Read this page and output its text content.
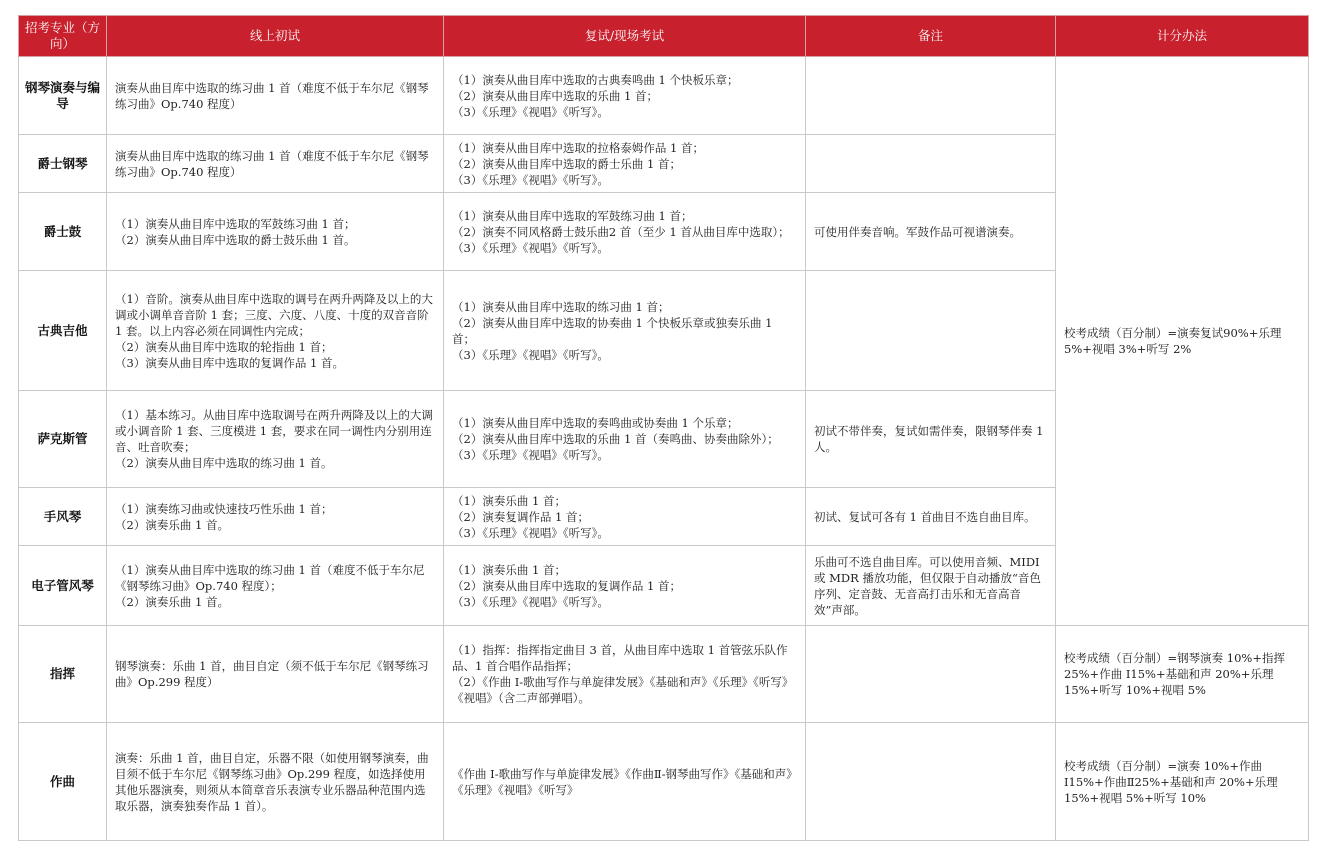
招考专业（方向）	线上初试	复试/现场考试	备注	计分办法
钢琴演奏与编导	演奏从曲目库中选取的练习曲 1 首（难度不低于车尔尼《钢琴练习曲》Op.740 程度）	（1）演奏从曲目库中选取的古典奏鸣曲 1 个快板乐章；
（2）演奏从曲目库中选取的乐曲 1 首；
（3）《乐理》《视唱》《听写》。		校考成绩（百分制）=演奏复试90%+乐理 5%+视唱 3%+听写 2%
爵士钢琴	演奏从曲目库中选取的练习曲 1 首（难度不低于车尔尼《钢琴练习曲》Op.740 程度）	（1）演奏从曲目库中选取的拉格泰姆作品 1 首；
（2）演奏从曲目库中选取的爵士乐曲 1 首；
（3）《乐理》《视唱》《听写》。		

爵士鼓	（1）演奏从曲目库中选取的军鼓练习曲 1 首；
（2）演奏从曲目库中选取的爵士鼓乐曲 1 首。	（1）演奏从曲目库中选取的军鼓练习曲 1 首；
（2）演奏不同风格爵士鼓乐曲2 首（至少 1 首从曲目库中选取）；
（3）《乐理》《视唱》《听写》。	可使用伴奏音响。军鼓作品可视谱演奏。	
古典吉他	（1）音阶。演奏从曲目库中选取的调号在两升两降及以上的大调或小调单音音阶 1 套；三度、六度、八度、十度的双音音阶 1 套。以上内容必须在同调性内完成；
（2）演奏从曲目库中选取的轮指曲 1 首；
（3）演奏从曲目库中选取的复调作品 1 首。	（1）演奏从曲目库中选取的练习曲 1 首；
（2）演奏从曲目库中选取的协奏曲 1 个快板乐章或独奏乐曲 1 首；
（3）《乐理》《视唱》《听写》。		

萨克斯管	（1）基本练习。从曲目库中选取调号在两升两降及以上的大调或小调音阶 1 套、三度模进 1 套，要求在同一调性内分别用连音、吐音吹奏；
（2）演奏从曲目库中选取的练习曲 1 首。	（1）演奏从曲目库中选取的奏鸣曲或协奏曲 1 个乐章；
（2）演奏从曲目库中选取的乐曲 1 首（奏鸣曲、协奏曲除外）；
（3）《乐理》《视唱》《听写》。	初试不带伴奏，复试如需伴奏，限钢琴伴奏 1 人。	
手风琴	（1）演奏练习曲或快速技巧性乐曲 1 首；
（2）演奏乐曲 1 首。	（1）演奏乐曲 1 首；
（2）演奏复调作品 1 首；
（3）《乐理》《视唱》《听写》。	初试、复试可各有 1 首曲目不选自曲目库。	
电子管风琴	（1）演奏从曲目库中选取的练习曲 1 首（难度不低于车尔尼《钢琴练习曲》Op.740 程度）；
（2）演奏乐曲 1 首。	（1）演奏乐曲 1 首；
（2）演奏从曲目库中选取的复调作品 1 首；
（3）《乐理》《视唱》《听写》。	乐曲可不选自曲目库。可以使用音频、MIDI 或 MDR 播放功能，但仅限于自动播放“音色序列、定音鼓、无音高打击乐和无音高音效”声部。	
指挥	钢琴演奏：乐曲 1 首，曲目自定（须不低于车尔尼《钢琴练习曲》Op.299 程度）	（1）指挥：指挥指定曲目 3 首，从曲目库中选取 1 首管弦乐队作品、1 首合唱作品指挥；
（2）《作曲 Ⅰ-歌曲写作与单旋律发展》《基础和声》《乐理》《听写》《视唱》（含二声部弹唱）。		校考成绩（百分制）=钢琴演奏 10%+指挥 25%+作曲 Ⅰ15%+基础和声 20%+乐理 15%+听写 10%+视唱 5%
作曲	演奏：乐曲 1 首，曲目自定，乐器不限（如使用钢琴演奏，曲目须不低于车尔尼《钢琴练习曲》Op.299 程度，如选择使用其他乐器演奏，则须从本简章音乐表演专业乐器品种范围内选取乐器，演奏独奏作品 1 首）。	《作曲 Ⅰ-歌曲写作与单旋律发展》《作曲Ⅱ-钢琴曲写作》《基础和声》《乐理》《视唱》《听写》		校考成绩（百分制）=演奏 10%+作曲Ⅰ15%+作曲Ⅱ25%+基础和声 20%+乐理 15%+视唱 5%+听写 10%
